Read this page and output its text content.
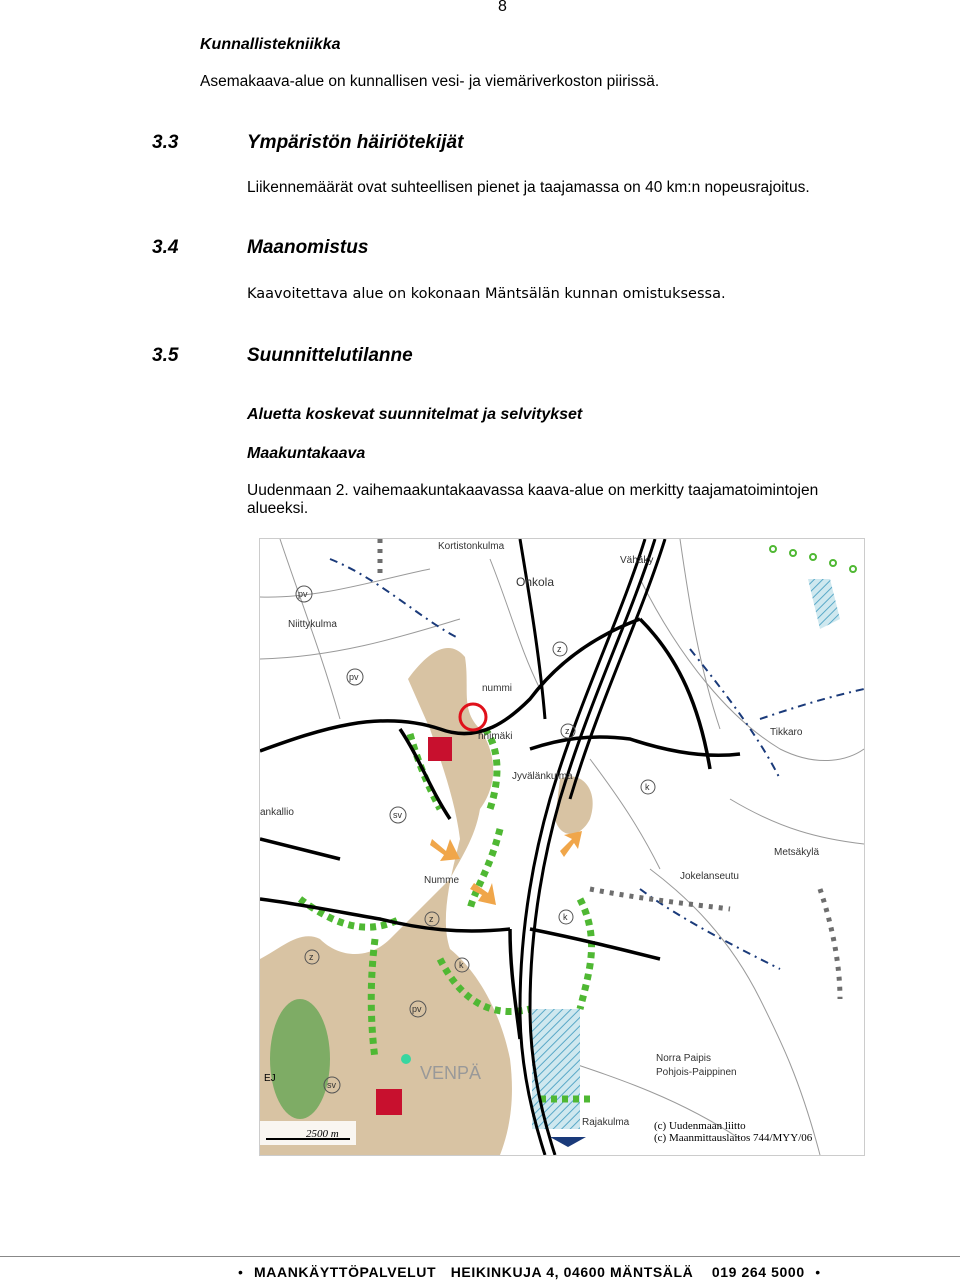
8
Kunnallistekniikka
Asemakaava-alue on kunnallisen vesi- ja viemäriverkoston piirissä.
3.3	Ympäristön häiriötekijät
Liikennemäärät ovat suhteellisen pienet ja taajamassa on 40 km:n nopeusrajoitus.
3.4	Maanomistus
Kaavoitettava alue on kokonaan Mäntsälän kunnan omistuksessa.
3.5	Suunnittelutilanne
Aluetta koskevat suunnitelmat ja selvitykset
Maakuntakaava
Uudenmaan 2. vaihemaakuntakaavassa kaava-alue on merkitty taajamatoimintojen
alueeksi.
Kortistonkulma
Ohkola
Vähäky
Niittykulma
nummi
nnimäki
Jyvälänkulma
Tikkaro
ankallio
Metsäkylä
Jokelanseutu
Numme
Norra Paipis
Pohjois-Paippinen
Rajakulma
VENPÄ
EJ
pv
pv
sv
pv
sv
z
z
z
z
k
k
k
2500 m
(c) Uudenmaan liitto
(c) Maanmittauslaitos 744/MYY/06
• MAANKÄYTTÖPALVELUT HEIKINKUJA 4, 04600 MÄNTSÄLÄ 019 264 5000 •
